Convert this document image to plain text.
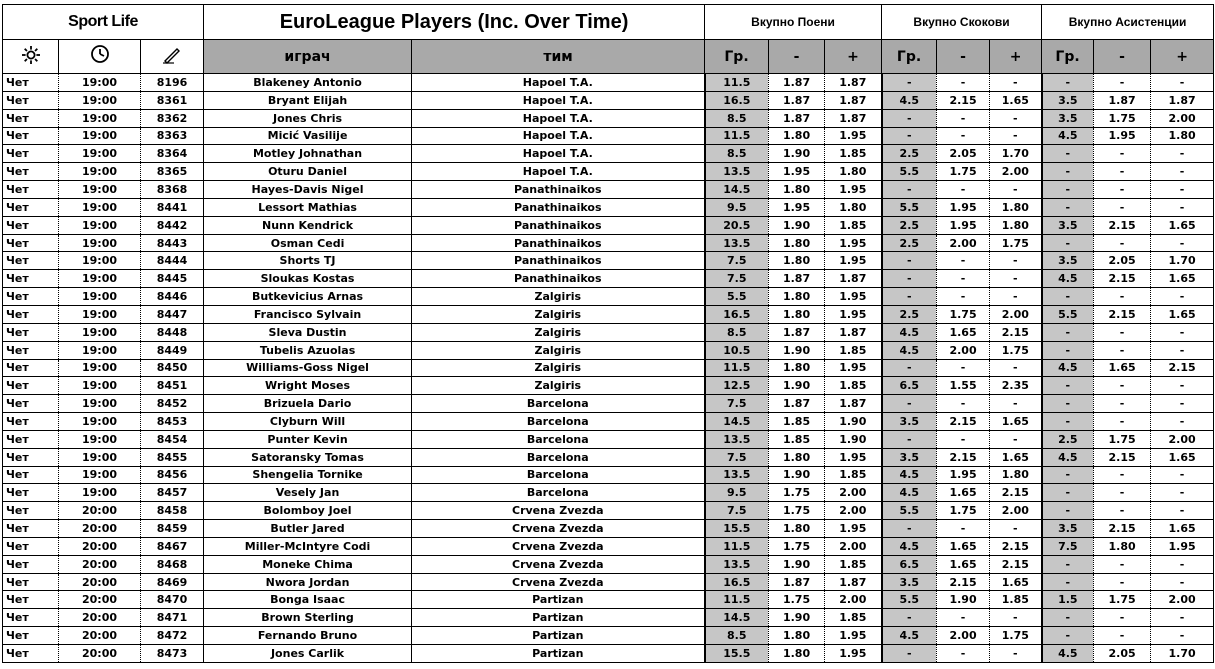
Sport Life			EuroLeague Players (Inc. Over Time)		Вкупно Поени			Вкупно Скокови			Вкупно Асистенции		
			играч	тим	Гр.	-	+	Гр.	-	+	Гр.	-	+
Чет	19:00	8196	Blakeney Antonio	Hapoel T.A.	11.5	1.87	1.87	-	-	-	-	-	-
Чет	19:00	8361	Bryant Elijah	Hapoel T.A.	16.5	1.87	1.87	4.5	2.15	1.65	3.5	1.87	1.87
Чет	19:00	8362	Jones Chris	Hapoel T.A.	8.5	1.87	1.87	-	-	-	3.5	1.75	2.00
Чет	19:00	8363	Micić Vasilije	Hapoel T.A.	11.5	1.80	1.95	-	-	-	4.5	1.95	1.80
Чет	19:00	8364	Motley Johnathan	Hapoel T.A.	8.5	1.90	1.85	2.5	2.05	1.70	-	-	-
Чет	19:00	8365	Oturu Daniel	Hapoel T.A.	13.5	1.95	1.80	5.5	1.75	2.00	-	-	-
Чет	19:00	8368	Hayes-Davis Nigel	Panathinaikos	14.5	1.80	1.95	-	-	-	-	-	-
Чет	19:00	8441	Lessort Mathias	Panathinaikos	9.5	1.95	1.80	5.5	1.95	1.80	-	-	-
Чет	19:00	8442	Nunn Kendrick	Panathinaikos	20.5	1.90	1.85	2.5	1.95	1.80	3.5	2.15	1.65
Чет	19:00	8443	Osman Cedi	Panathinaikos	13.5	1.80	1.95	2.5	2.00	1.75	-	-	-
Чет	19:00	8444	Shorts TJ	Panathinaikos	7.5	1.80	1.95	-	-	-	3.5	2.05	1.70
Чет	19:00	8445	Sloukas Kostas	Panathinaikos	7.5	1.87	1.87	-	-	-	4.5	2.15	1.65
Чет	19:00	8446	Butkevicius Arnas	Zalgiris	5.5	1.80	1.95	-	-	-	-	-	-
Чет	19:00	8447	Francisco Sylvain	Zalgiris	16.5	1.80	1.95	2.5	1.75	2.00	5.5	2.15	1.65
Чет	19:00	8448	Sleva Dustin	Zalgiris	8.5	1.87	1.87	4.5	1.65	2.15	-	-	-
Чет	19:00	8449	Tubelis Azuolas	Zalgiris	10.5	1.90	1.85	4.5	2.00	1.75	-	-	-
Чет	19:00	8450	Williams-Goss Nigel	Zalgiris	11.5	1.80	1.95	-	-	-	4.5	1.65	2.15
Чет	19:00	8451	Wright Moses	Zalgiris	12.5	1.90	1.85	6.5	1.55	2.35	-	-	-
Чет	19:00	8452	Brizuela Dario	Barcelona	7.5	1.87	1.87	-	-	-	-	-	-
Чет	19:00	8453	Clyburn Will	Barcelona	14.5	1.85	1.90	3.5	2.15	1.65	-	-	-
Чет	19:00	8454	Punter Kevin	Barcelona	13.5	1.85	1.90	-	-	-	2.5	1.75	2.00
Чет	19:00	8455	Satoransky Tomas	Barcelona	7.5	1.80	1.95	3.5	2.15	1.65	4.5	2.15	1.65
Чет	19:00	8456	Shengelia Tornike	Barcelona	13.5	1.90	1.85	4.5	1.95	1.80	-	-	-
Чет	19:00	8457	Vesely Jan	Barcelona	9.5	1.75	2.00	4.5	1.65	2.15	-	-	-
Чет	20:00	8458	Bolomboy Joel	Crvena Zvezda	7.5	1.75	2.00	5.5	1.75	2.00	-	-	-
Чет	20:00	8459	Butler Jared	Crvena Zvezda	15.5	1.80	1.95	-	-	-	3.5	2.15	1.65
Чет	20:00	8467	Miller-McIntyre Codi	Crvena Zvezda	11.5	1.75	2.00	4.5	1.65	2.15	7.5	1.80	1.95
Чет	20:00	8468	Moneke Chima	Crvena Zvezda	13.5	1.90	1.85	6.5	1.65	2.15	-	-	-
Чет	20:00	8469	Nwora Jordan	Crvena Zvezda	16.5	1.87	1.87	3.5	2.15	1.65	-	-	-
Чет	20:00	8470	Bonga Isaac	Partizan	11.5	1.75	2.00	5.5	1.90	1.85	1.5	1.75	2.00
Чет	20:00	8471	Brown Sterling	Partizan	14.5	1.90	1.85	-	-	-	-	-	-
Чет	20:00	8472	Fernando Bruno	Partizan	8.5	1.80	1.95	4.5	2.00	1.75	-	-	-
Чет	20:00	8473	Jones Carlik	Partizan	15.5	1.80	1.95	-	-	-	4.5	2.05	1.70
